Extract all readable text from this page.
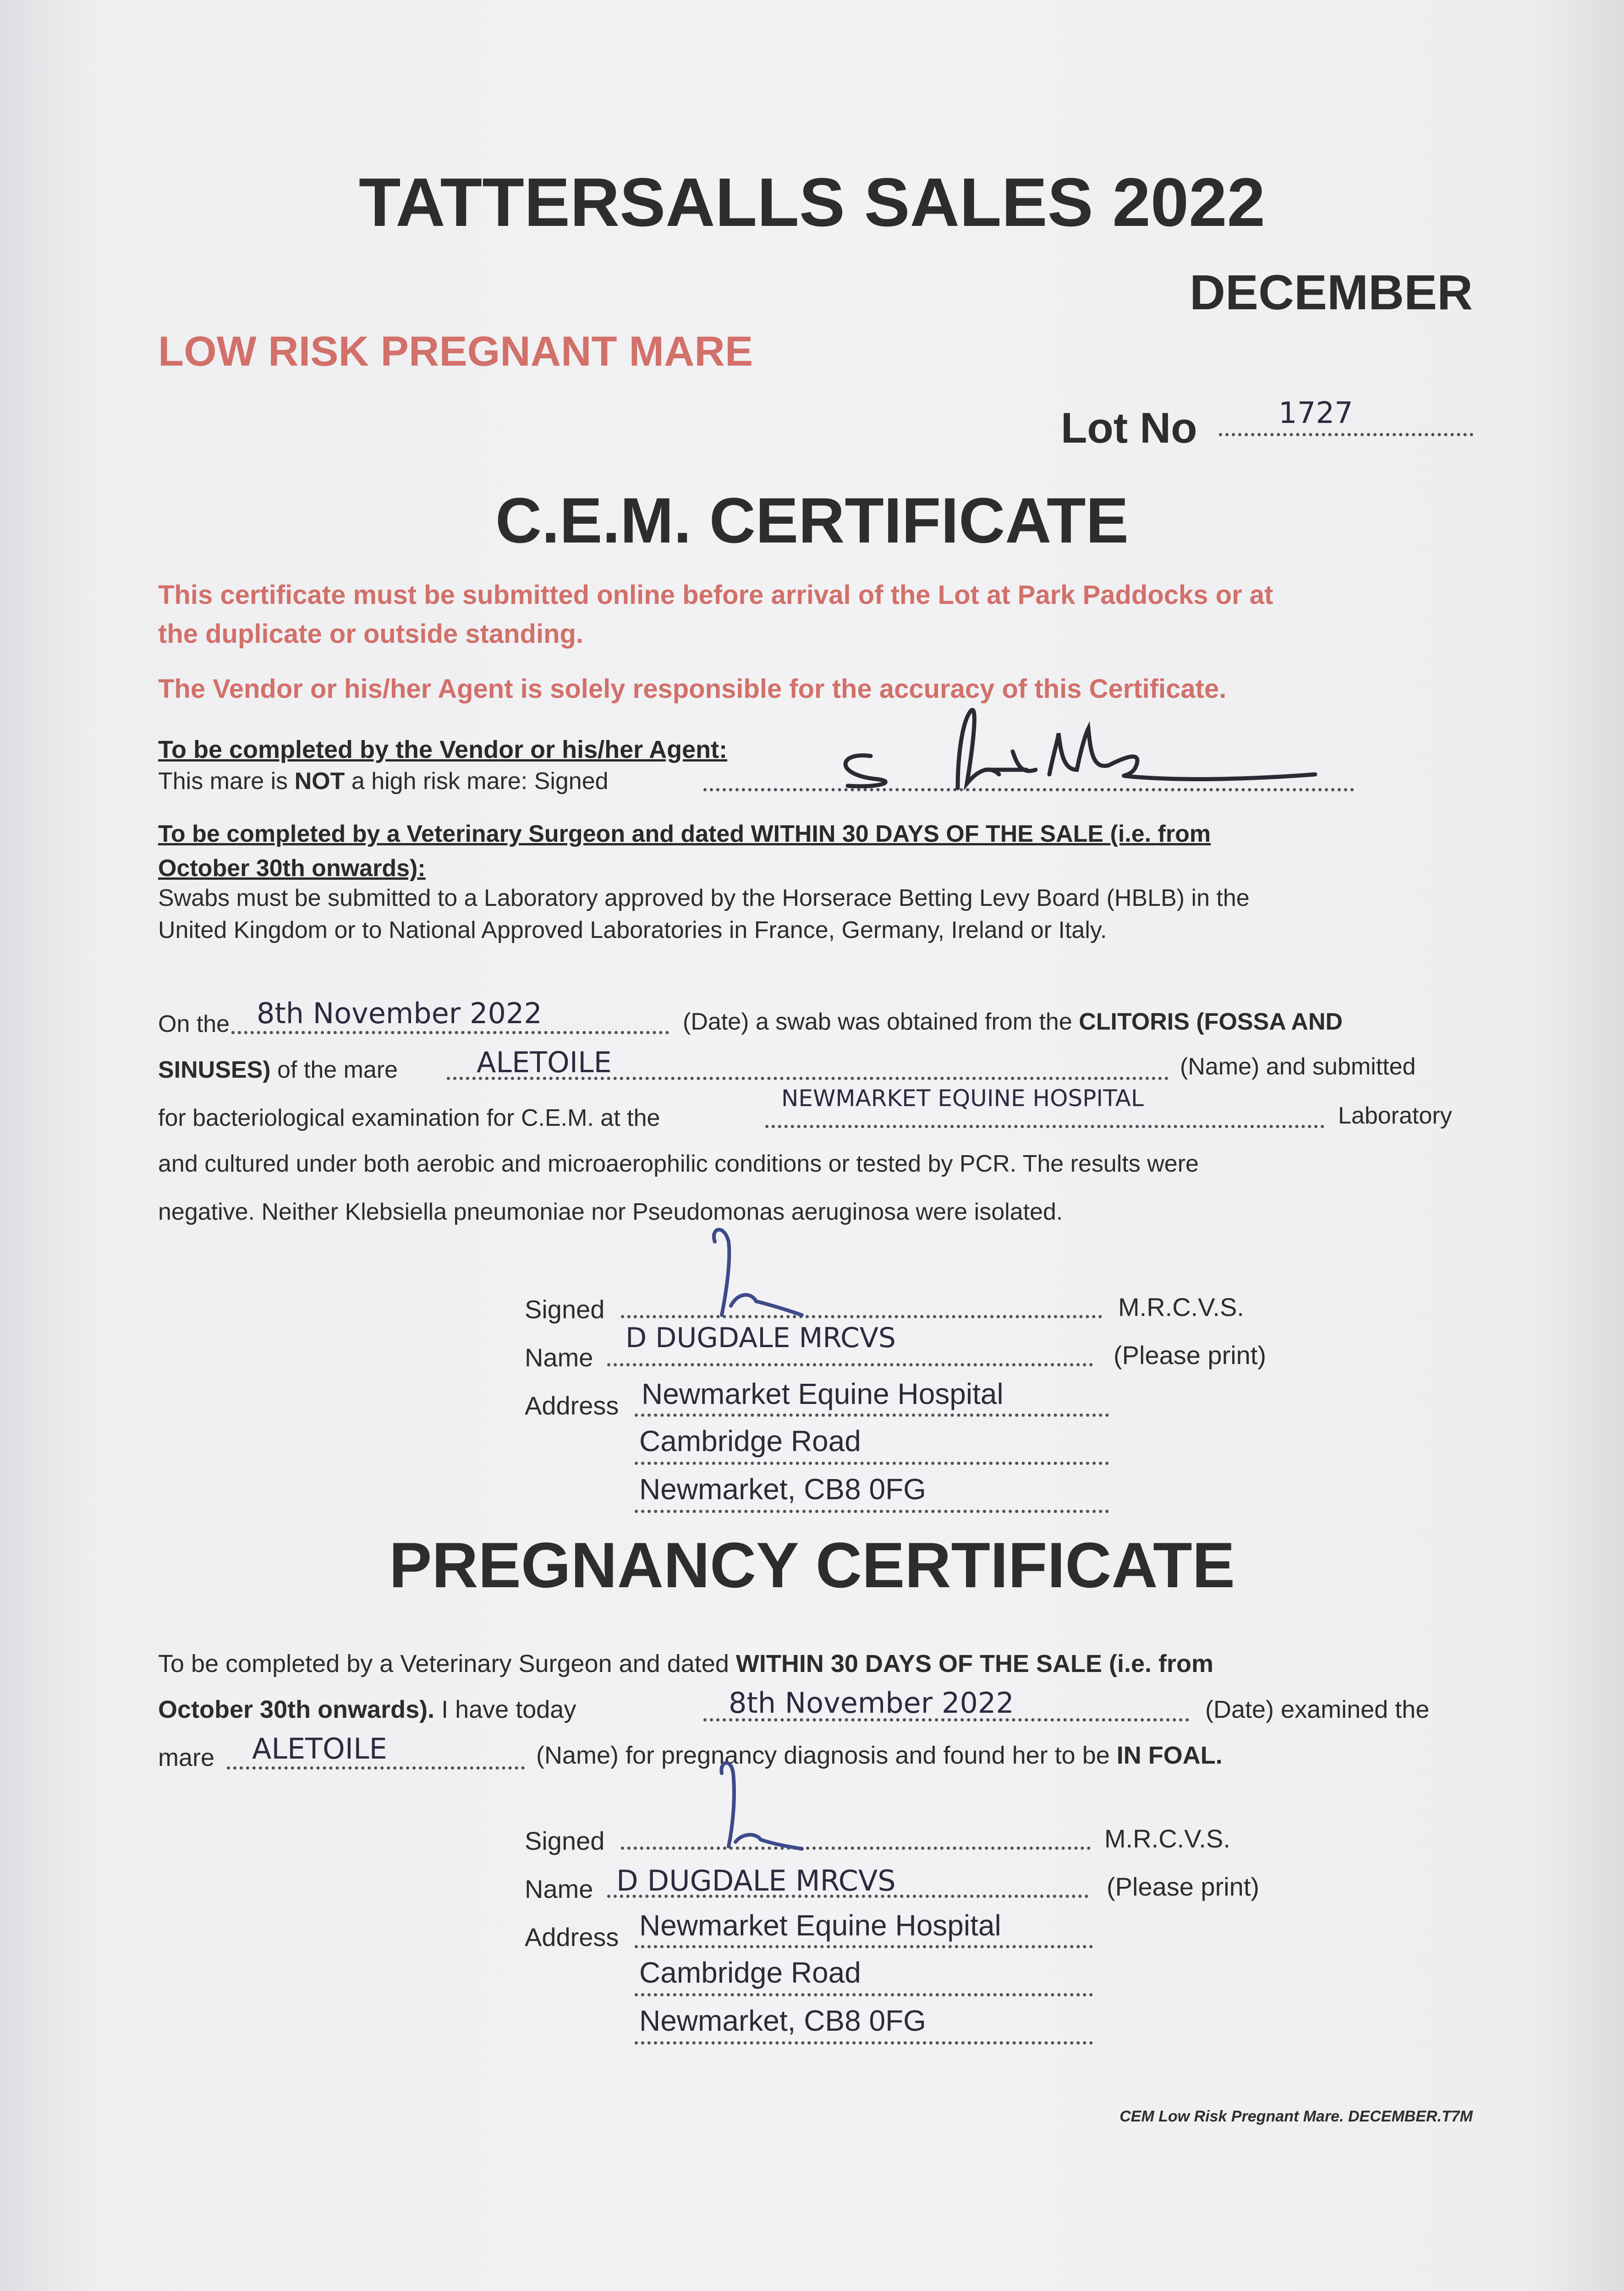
TATTERSALLS SALES 2022
DECEMBER
LOW RISK PREGNANT MARE
Lot No	1727
C.E.M. CERTIFICATE
This certificate must be submitted online before arrival of the Lot at Park Paddocks or at
the duplicate or outside standing.
The Vendor or his/her Agent is solely responsible for the accuracy of this Certificate.
To be completed by the Vendor or his/her Agent:
This mare is NOT a high risk mare: Signed
To be completed by a Veterinary Surgeon and dated WITHIN 30 DAYS OF THE SALE (i.e. from
October 30th onwards):
Swabs must be submitted to a Laboratory approved by the Horserace Betting Levy Board (HBLB) in the
United Kingdom or to National Approved Laboratories in France, Germany, Ireland or Italy.
On the 8th November 2022	(Date) a swab was obtained from the CLITORIS (FOSSA AND
SINUSES) of the mare	ALETOILE	(Name) and submitted
for bacteriological examination for C.E.M. at the
NEWMARKET EQUINE HOSPITAL
Laboratory
and cultured under both aerobic and microaerophilic conditions or tested by PCR. The results were
negative. Neither Klebsiella pneumoniae nor Pseudomonas aeruginosa were isolated.
Signed	M.R.C.V.S.
Name
D DUGDALE MRCVS
(Please print)
Address Newmarket Equine Hospital
Cambridge Road
Newmarket, CB8 0FG
PREGNANCY CERTIFICATE
To be completed by a Veterinary Surgeon and dated WITHIN 30 DAYS OF THE SALE (i.e. from
October 30th onwards). I have today	8th November 2022	(Date) examined the
mare ALETOILE	(Name) for pregnancy diagnosis and found her to be IN FOAL.
Signed	M.R.C.V.S.
Name D DUGDALE MRCVS	(Please print)
Address Newmarket Equine Hospital
Cambridge Road
Newmarket, CB8 0FG
CEM Low Risk Pregnant Mare. DECEMBER.T7M
